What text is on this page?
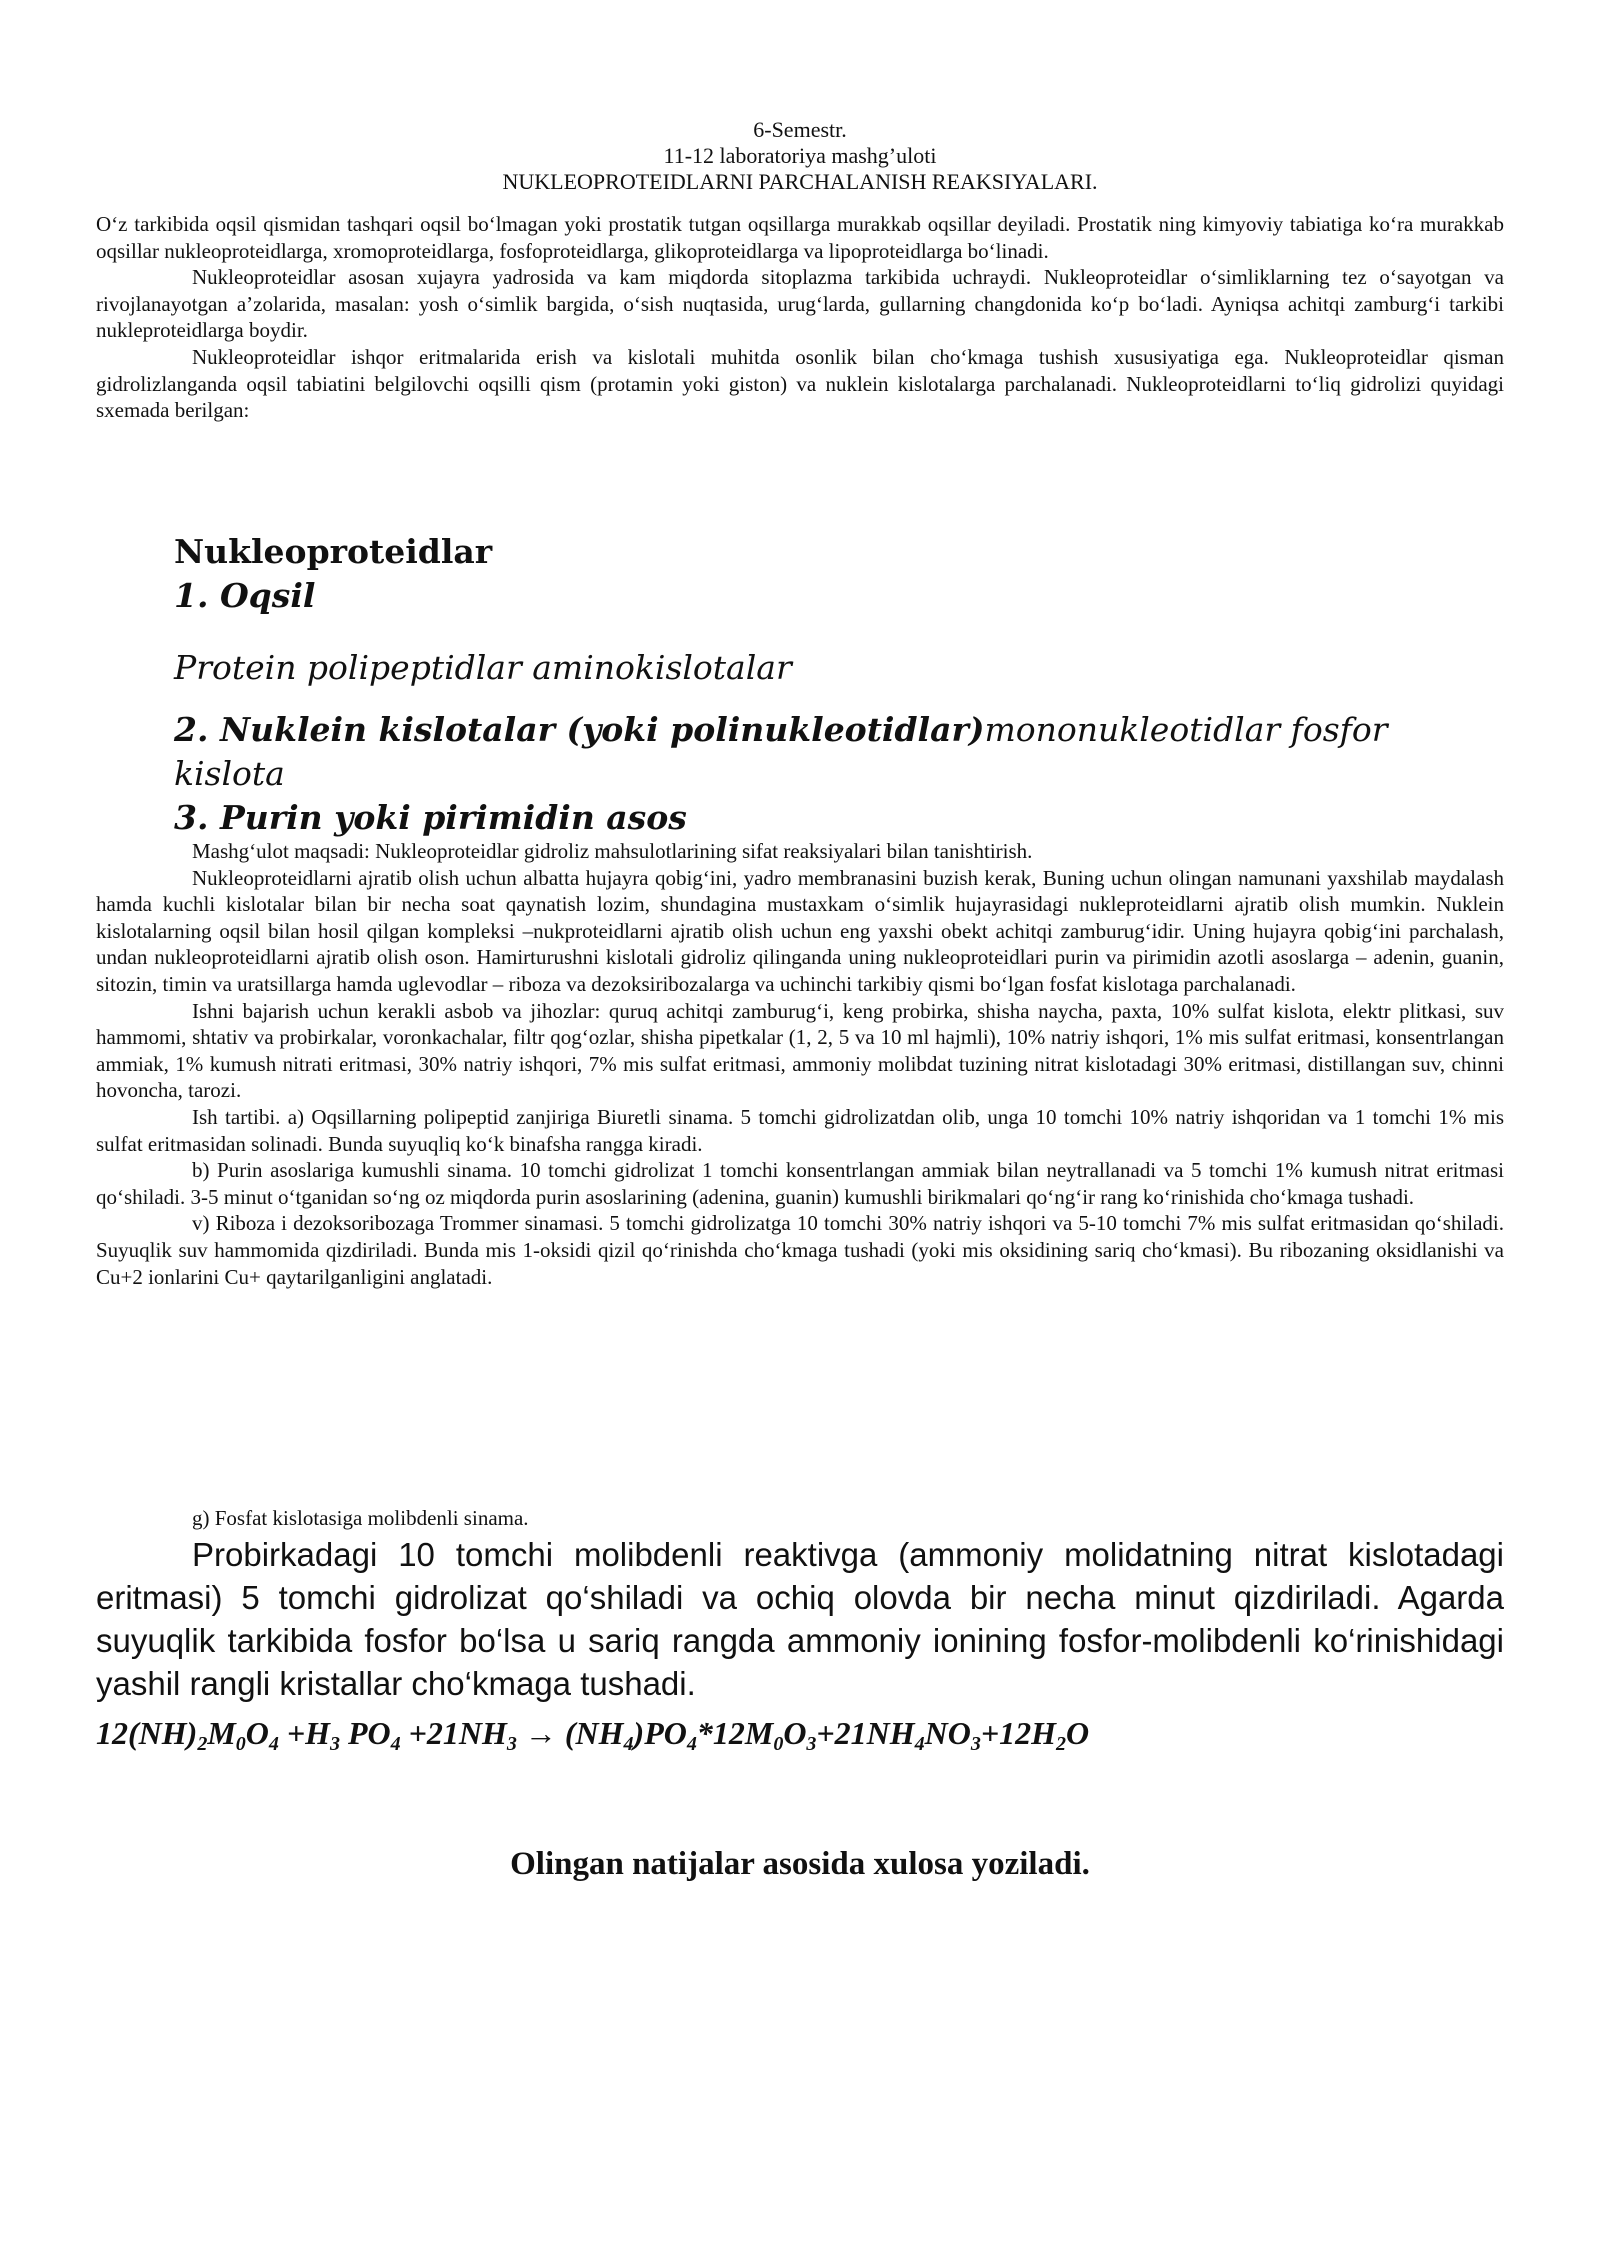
6-Semestr.
11-12 laboratoriya mashg’uloti
NUKLEOPROTEIDLARNI PARCHALANISH REAKSIYALARI.

O‘z tarkibida oqsil qismidan tashqari oqsil bo‘lmagan yoki prostatik tutgan oqsillarga murakkab oqsillar deyiladi. Prostatik ning kimyoviy tabiatiga ko‘ra murakkab oqsillar nukleoproteidlarga, xromoproteidlarga, fosfoproteidlarga, glikoproteidlarga va lipoproteidlarga bo‘linadi.

Nukleoproteidlar asosan xujayra yadrosida va kam miqdorda sitoplazma tarkibida uchraydi. Nukleoproteidlar o‘simliklarning tez o‘sayotgan va rivojlanayotgan a’zolarida, masalan: yosh o‘simlik bargida, o‘sish nuqtasida, urug‘larda, gullarning changdonida ko‘p bo‘ladi. Ayniqsa achitqi zamburg‘i tarkibi nukleproteidlarga boydir.

Nukleoproteidlar ishqor eritmalarida erish va kislotali muhitda osonlik bilan cho‘kmaga tushish xususiyatiga ega. Nukleoproteidlar qisman gidrolizlanganda oqsil tabiatini belgilovchi oqsilli qism (protamin yoki giston) va nuklein kislotalarga parchalanadi. Nukleoproteidlarni to‘liq gidrolizi quyidagi sxemada berilgan:

Nukleoproteidlar
1. Oqsil
Protein polipeptidlar aminokislotalar
2. Nuklein kislotalar (yoki polinukleotidlar)mononukleotidlar fosfor kislota
3. Purin yoki pirimidin asos

Mashg‘ulot maqsadi: Nukleoproteidlar gidroliz mahsulotlarining sifat reaksiyalari bilan tanishtirish.

Nukleoproteidlarni ajratib olish uchun albatta hujayra qobig‘ini, yadro membranasini buzish kerak, Buning uchun olingan namunani yaxshilab maydalash hamda kuchli kislotalar bilan bir necha soat qaynatish lozim, shundagina mustaxkam o‘simlik hujayrasidagi nukleproteidlarni ajratib olish mumkin. Nuklein kislotalarning oqsil bilan hosil qilgan kompleksi –nukproteidlarni ajratib olish uchun eng yaxshi obekt achitqi zamburug‘idir. Uning hujayra qobig‘ini parchalash, undan nukleoproteidlarni ajratib olish oson. Hamirturushni kislotali gidroliz qilinganda uning nukleoproteidlari purin va pirimidin azotli asoslarga – adenin, guanin, sitozin, timin va uratsillarga hamda uglevodlar – riboza va dezoksiribozalarga va uchinchi tarkibiy qismi bo‘lgan fosfat kislotaga parchalanadi.

Ishni bajarish uchun kerakli asbob va jihozlar: quruq achitqi zamburug‘i, keng probirka, shisha naycha, paxta, 10% sulfat kislota, elektr plitkasi, suv hammomi, shtativ va probirkalar, voronkachalar, filtr qog‘ozlar, shisha pipetkalar (1, 2, 5 va 10 ml hajmli), 10% natriy ishqori, 1% mis sulfat eritmasi, konsentrlangan ammiak, 1% kumush nitrati eritmasi, 30% natriy ishqori, 7% mis sulfat eritmasi, ammoniy molibdat tuzining nitrat kislotadagi 30% eritmasi, distillangan suv, chinni hovoncha, tarozi.

Ish tartibi. a) Oqsillarning polipeptid zanjiriga Biuretli sinama. 5 tomchi gidrolizatdan olib, unga 10 tomchi 10% natriy ishqoridan va 1 tomchi 1% mis sulfat eritmasidan solinadi. Bunda suyuqliq ko‘k binafsha rangga kiradi.

b) Purin asoslariga kumushli sinama. 10 tomchi gidrolizat 1 tomchi konsentrlangan ammiak bilan neytrallanadi va 5 tomchi 1% kumush nitrat eritmasi qo‘shiladi. 3-5 minut o‘tganidan so‘ng oz miqdorda purin asoslarining (adenina, guanin) kumushli birikmalari qo‘ng‘ir rang ko‘rinishida cho‘kmaga tushadi.

v) Riboza i dezoksoribozaga Trommer sinamasi. 5 tomchi gidrolizatga 10 tomchi 30% natriy ishqori va 5-10 tomchi 7% mis sulfat eritmasidan qo‘shiladi. Suyuqlik suv hammomida qizdiriladi. Bunda mis 1-oksidi qizil qo‘rinishda cho‘kmaga tushadi (yoki mis oksidining sariq cho‘kmasi). Bu ribozaning oksidlanishi va Cu+2 ionlarini Cu+ qaytarilganligini anglatadi.

g) Fosfat kislotasiga molibdenli sinama.

Probirkadagi 10 tomchi molibdenli reaktivga (ammoniy molidatning nitrat kislotadagi eritmasi) 5 tomchi gidrolizat qo‘shiladi va ochiq olovda bir necha minut qizdiriladi. Agarda suyuqlik tarkibida fosfor bo‘lsa u sariq rangda ammoniy ionining fosfor-molibdenli ko‘rinishidagi yashil rangli kristallar cho‘kmaga tushadi.

$12(NH)_2M_0O_4 +H_3$ $PO_4 +21NH_3 \to (NH_4)PO_4*12M_0O_3+21NH_4NO_3+12H_2O$
Olingan natijalar asosida xulosa yoziladi.
